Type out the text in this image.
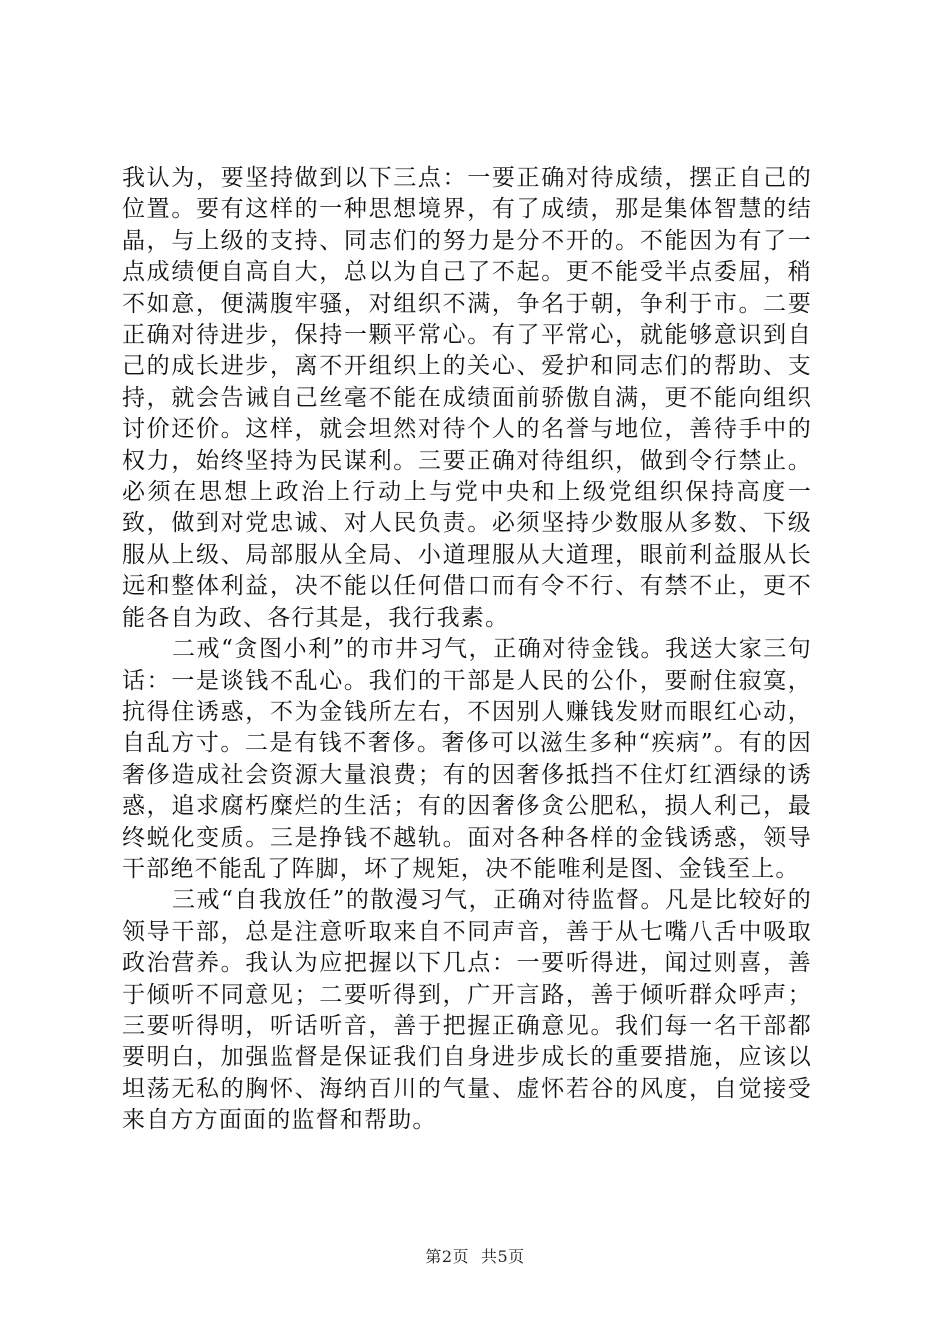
我认为，要坚持做到以下三点：一要正确对待成绩，摆正自己的位置。要有这样的一种思想境界，有了成绩，那是集体智慧的结晶，与上级的支持、同志们的努力是分不开的。不能因为有了一点成绩便自高自大，总以为自己了不起。更不能受半点委屈，稍不如意，便满腹牢骚，对组织不满，争名于朝，争利于市。二要正确对待进步，保持一颗平常心。有了平常心，就能够意识到自己的成长进步，离不开组织上的关心、爱护和同志们的帮助、支持，就会告诫自己丝毫不能在成绩面前骄傲自满，更不能向组织讨价还价。这样，就会坦然对待个人的名誉与地位，善待手中的权力，始终坚持为民谋利。三要正确对待组织，做到令行禁止。必须在思想上政治上行动上与党中央和上级党组织保持高度一致，做到对党忠诚、对人民负责。必须坚持少数服从多数、下级服从上级、局部服从全局、小道理服从大道理，眼前利益服从长远和整体利益，决不能以任何借口而有令不行、有禁不止，更不能各自为政、各行其是，我行我素。

二戒“贪图小利”的市井习气，正确对待金钱。我送大家三句话：一是谈钱不乱心。我们的干部是人民的公仆，要耐住寂寞，抗得住诱惑，不为金钱所左右，不因别人赚钱发财而眼红心动，自乱方寸。二是有钱不奢侈。奢侈可以滋生多种“疾病”。有的因奢侈造成社会资源大量浪费；有的因奢侈抵挡不住灯红酒绿的诱惑，追求腐朽糜烂的生活；有的因奢侈贪公肥私，损人利己，最终蜕化变质。三是挣钱不越轨。面对各种各样的金钱诱惑，领导干部绝不能乱了阵脚，坏了规矩，决不能唯利是图、金钱至上。

三戒“自我放任”的散漫习气，正确对待监督。凡是比较好的领导干部，总是注意听取来自不同声音，善于从七嘴八舌中吸取政治营养。我认为应把握以下几点：一要听得进，闻过则喜，善于倾听不同意见；二要听得到，广开言路，善于倾听群众呼声；三要听得明，听话听音，善于把握正确意见。我们每一名干部都要明白，加强监督是保证我们自身进步成长的重要措施，应该以坦荡无私的胸怀、海纳百川的气量、虚怀若谷的风度，自觉接受来自方方面面的监督和帮助。

第2页 共5页
